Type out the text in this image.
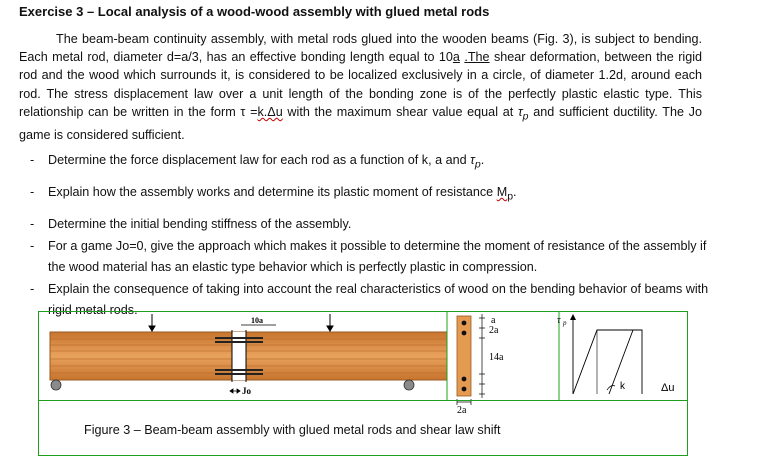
Exercise 3 – Local analysis of a wood-wood assembly with glued metal rods

The beam-beam continuity assembly, with metal rods glued into the wooden beams (Fig. 3), is subject to bending. Each metal rod, diameter d=a/3, has an effective bonding length equal to 10a .The shear deformation, between the rigid rod and the wood which surrounds it, is considered to be localized exclusively in a circle, of diameter 1.2d, around each rod. The stress displacement law over a unit length of the bonding zone is of the perfectly plastic elastic type. This relationship can be written in the form τ =k.Δu with the maximum shear value equal at $\tau_p$ and sufficient ductility. The Jo game is considered sufficient.

- Determine the force displacement law for each rod as a function of k, a and $\tau_p$.
- Explain how the assembly works and determine its plastic moment of resistance $M_p$.
- Determine the initial bending stiffness of the assembly.
- For a game Jo=0, give the approach which makes it possible to determine the moment of resistance of the assembly if the wood material has an elastic type behavior which is perfectly plastic in compression.
- Explain the consequence of taking into account the real characteristics of wood on the bending behavior of beams with rigid metal rods.
10a
Jo
a
2a
14a
2a
τ p
k	Δu

Figure 3 – Beam-beam assembly with glued metal rods and shear law shift
